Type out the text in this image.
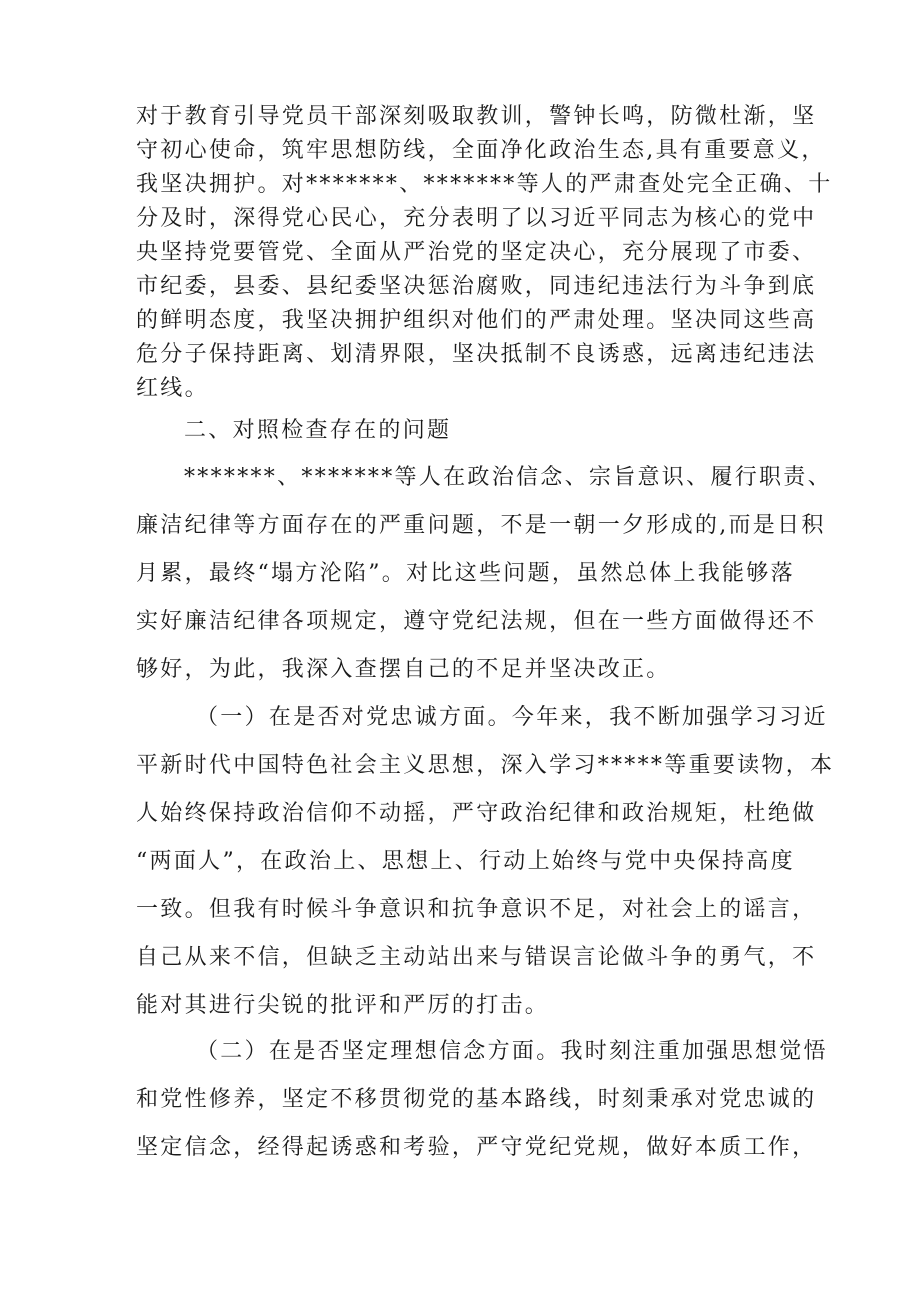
对于教育引导党员干部深刻吸取教训，警钟长鸣，防微杜渐，坚
守初心使命，筑牢思想防线，全面净化政治生态,具有重要意义，
我坚决拥护。对*******、*******等人的严肃查处完全正确、十
分及时，深得党心民心，充分表明了以习近平同志为核心的党中
央坚持党要管党、全面从严治党的坚定决心，充分展现了市委、
市纪委，县委、县纪委坚决惩治腐败，同违纪违法行为斗争到底
的鲜明态度，我坚决拥护组织对他们的严肃处理。坚决同这些高
危分子保持距离、划清界限，坚决抵制不良诱惑，远离违纪违法
红线。
二、对照检查存在的问题
*******、*******等人在政治信念、宗旨意识、履行职责、
廉洁纪律等方面存在的严重问题，不是一朝一夕形成的,而是日积
月累，最终“塌方沦陷”。对比这些问题，虽然总体上我能够落
实好廉洁纪律各项规定，遵守党纪法规，但在一些方面做得还不
够好，为此，我深入查摆自己的不足并坚决改正。
（一）在是否对党忠诚方面。今年来，我不断加强学习习近
平新时代中国特色社会主义思想，深入学习*****等重要读物，本
人始终保持政治信仰不动摇，严守政治纪律和政治规矩，杜绝做
“两面人”，在政治上、思想上、行动上始终与党中央保持高度
一致。但我有时候斗争意识和抗争意识不足，对社会上的谣言，
自己从来不信，但缺乏主动站出来与错误言论做斗争的勇气，不
能对其进行尖锐的批评和严厉的打击。
（二）在是否坚定理想信念方面。我时刻注重加强思想觉悟
和党性修养，坚定不移贯彻党的基本路线，时刻秉承对党忠诚的
坚定信念，经得起诱惑和考验，严守党纪党规，做好本质工作，
